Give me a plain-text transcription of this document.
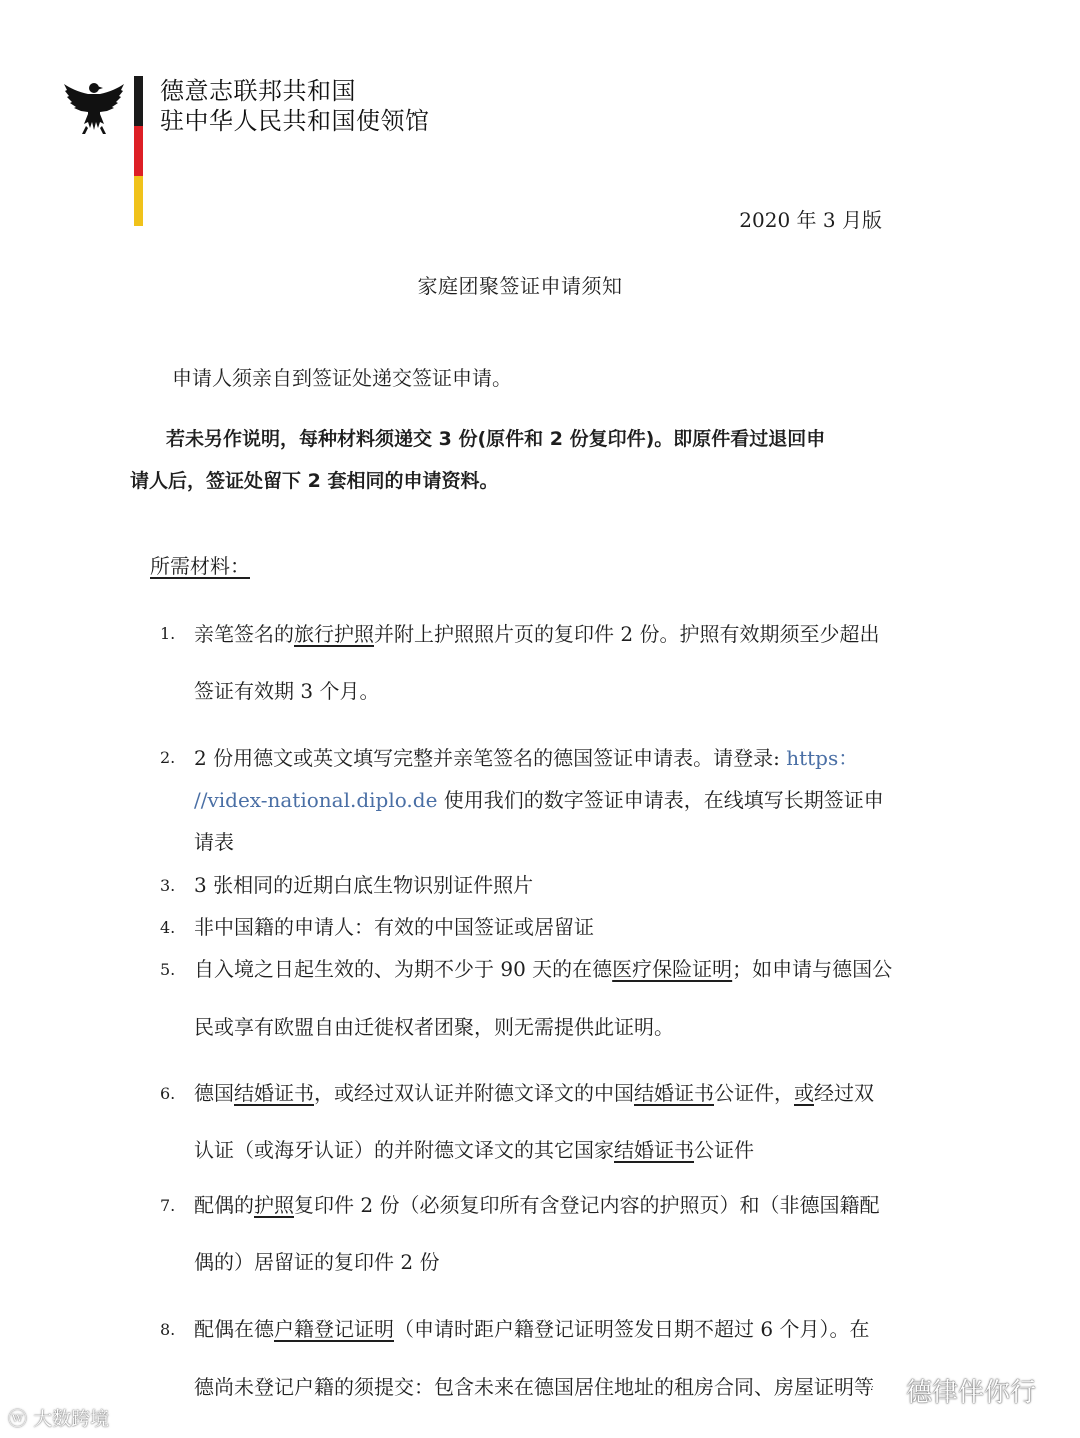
德意志联邦共和国
驻中华人民共和国使领馆
2020 年 3 月版
家庭团聚签证申请须知
申请人须亲自到签证处递交签证申请。
若未另作说明，每种材料须递交 3 份(原件和 2 份复印件)。即原件看过退回申
请人后，签证处留下 2 套相同的申请资料。
所需材料：
1. 亲笔签名的旅行护照并附上护照照片页的复印件 2 份。护照有效期须至少超出
签证有效期 3 个月。
2. 2 份用德文或英文填写完整并亲笔签名的德国签证申请表。请登录: https：
//videx-national.diplo.de 使用我们的数字签证申请表，在线填写长期签证申
请表
3. 3 张相同的近期白底生物识别证件照片
4. 非中国籍的申请人：有效的中国签证或居留证
5. 自入境之日起生效的、为期不少于 90 天的在德医疗保险证明；如申请与德国公
民或享有欧盟自由迁徙权者团聚，则无需提供此证明。
6. 德国结婚证书，或经过双认证并附德文译文的中国结婚证书公证件，或经过双
认证（或海牙认证）的并附德文译文的其它国家结婚证书公证件
7. 配偶的护照复印件 2 份（必须复印所有含登记内容的护照页）和（非德国籍配
偶的）居留证的复印件 2 份
8. 配偶在德户籍登记证明（申请时距户籍登记证明签发日期不超过 6 个月）。在
德尚未登记户籍的须提交：包含未来在德国居住地址的租房合同、房屋证明等
ⓦ 大数跨境
德律伴你行
